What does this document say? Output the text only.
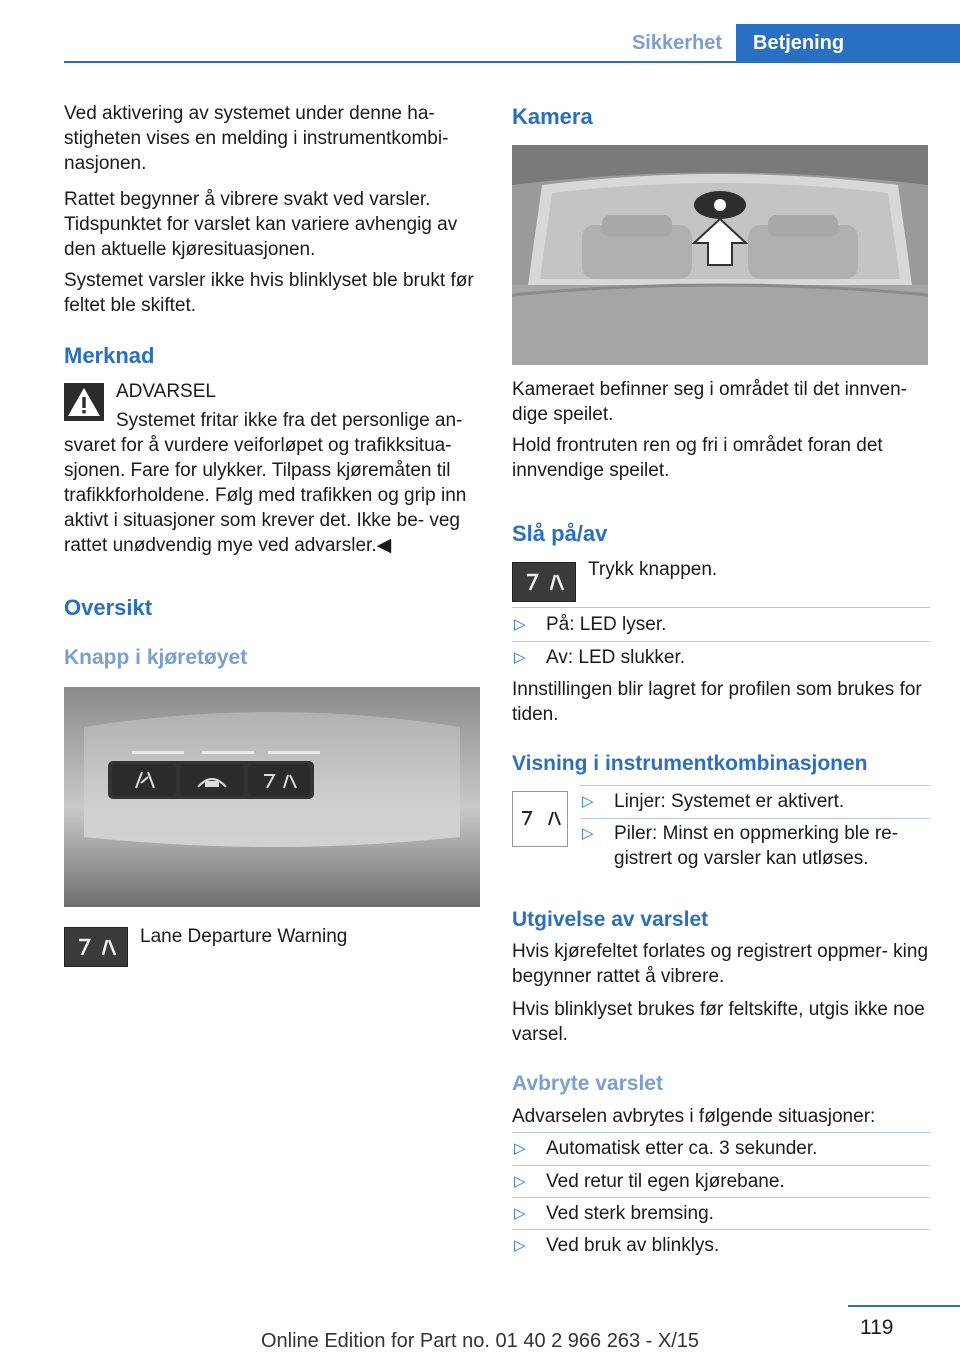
Sikkerhet	Betjening

Ved aktivering av systemet under denne ha- stigheten vises en melding i instrumentkombi- nasjonen.

Rattet begynner å vibrere svakt ved varsler. Tidspunktet for varslet kan variere avhengig av den aktuelle kjøresituasjonen.

Systemet varsler ikke hvis blinklyset ble brukt før feltet ble skiftet.

Merknad
ADVARSEL

Systemet fritar ikke fra det personlige an-

svaret for å vurdere veiforløpet og trafikksitua- sjonen. Fare for ulykker. Tilpass kjøremåten til trafikkforholdene. Følg med trafikken og grip inn aktivt i situasjoner som krever det. Ikke be- veg rattet unødvendig mye ved advarsler.◀

Oversikt
Knapp i kjøretøyet
Lane Departure Warning
Kamera

Kameraet befinner seg i området til det innven- dige speilet.

Hold frontruten ren og fri i området foran det innvendige speilet.

Slå på/av
Trykk knappen.
▷	På: LED lyser.
▷	Av: LED slukker.

Innstillingen blir lagret for profilen som brukes for tiden.

Visning i instrumentkombinasjonen
▷	Linjer: Systemet er aktivert.
▷	Piler: Minst en oppmerking ble re- gistrert og varsler kan utløses.
Utgivelse av varslet

Hvis kjørefeltet forlates og registrert oppmer- king begynner rattet å vibrere.

Hvis blinklyset brukes før feltskifte, utgis ikke noe varsel.

Avbryte varslet

Advarselen avbrytes i følgende situasjoner:

▷	Automatisk etter ca. 3 sekunder.
▷	Ved retur til egen kjørebane.
▷	Ved sterk bremsing.
▷	Ved bruk av blinklys.
119
Online Edition for Part no. 01 40 2 966 263 - X/15
